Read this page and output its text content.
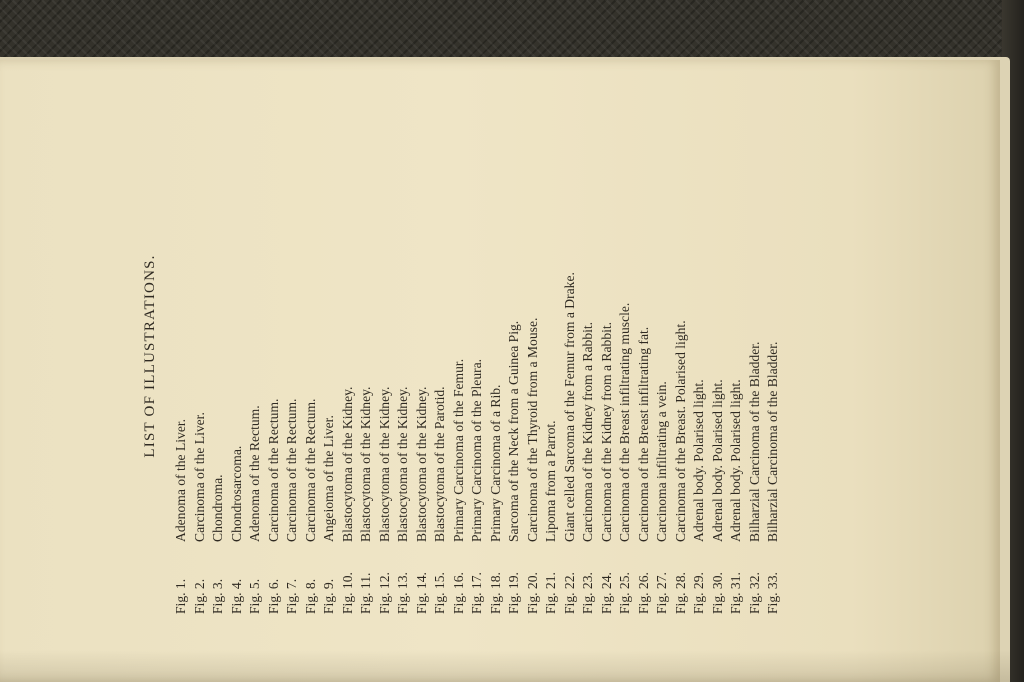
LIST OF ILLUSTRATIONS.
Fig. 1.
Adenoma of the Liver.
Fig. 2.
Carcinoma of the Liver.
Fig. 3.
Chondroma.
Fig. 4.
Chondrosarcoma.
Fig. 5.
Adenoma of the Rectum.
Fig. 6.
Carcinoma of the Rectum.
Fig. 7.
Carcinoma of the Rectum.
Fig. 8.
Carcinoma of the Rectum.
Fig. 9.
Angeioma of the Liver.
Fig. 10.
Blastocytoma of the Kidney.
Fig. 11.
Blastocytoma of the Kidney.
Fig. 12.
Blastocytoma of the Kidney.
Fig. 13.
Blastocytoma of the Kidney.
Fig. 14.
Blastocytoma of the Kidney.
Fig. 15.
Blastocytoma of the Parotid.
Fig. 16.
Primary Carcinoma of the Femur.
Fig. 17.
Primary Carcinoma of the Pleura.
Fig. 18.
Primary Carcinoma of a Rib.
Fig. 19.
Sarcoma of the Neck from a Guinea Pig.
Fig. 20.
Carcinoma of the Thyroid from a Mouse.
Fig. 21.
Lipoma from a Parrot.
Fig. 22.
Giant celled Sarcoma of the Femur from a Drake.
Fig. 23.
Carcinoma of the Kidney from a Rabbit.
Fig. 24.
Carcinoma of the Kidney from a Rabbit.
Fig. 25.
Carcinoma of the Breast infiltrating muscle.
Fig. 26.
Carcinoma of the Breast infiltrating fat.
Fig. 27.
Carcinoma infiltrating a vein.
Fig. 28.
Carcinoma of the Breast. Polarised light.
Fig. 29.
Adrenal body. Polarised light.
Fig. 30.
Adrenal body. Polarised light.
Fig. 31.
Adrenal body. Polarised light.
Fig. 32.
Bilharzial Carcinoma of the Bladder.
Fig. 33.
Bilharzial Carcinoma of the Bladder.
